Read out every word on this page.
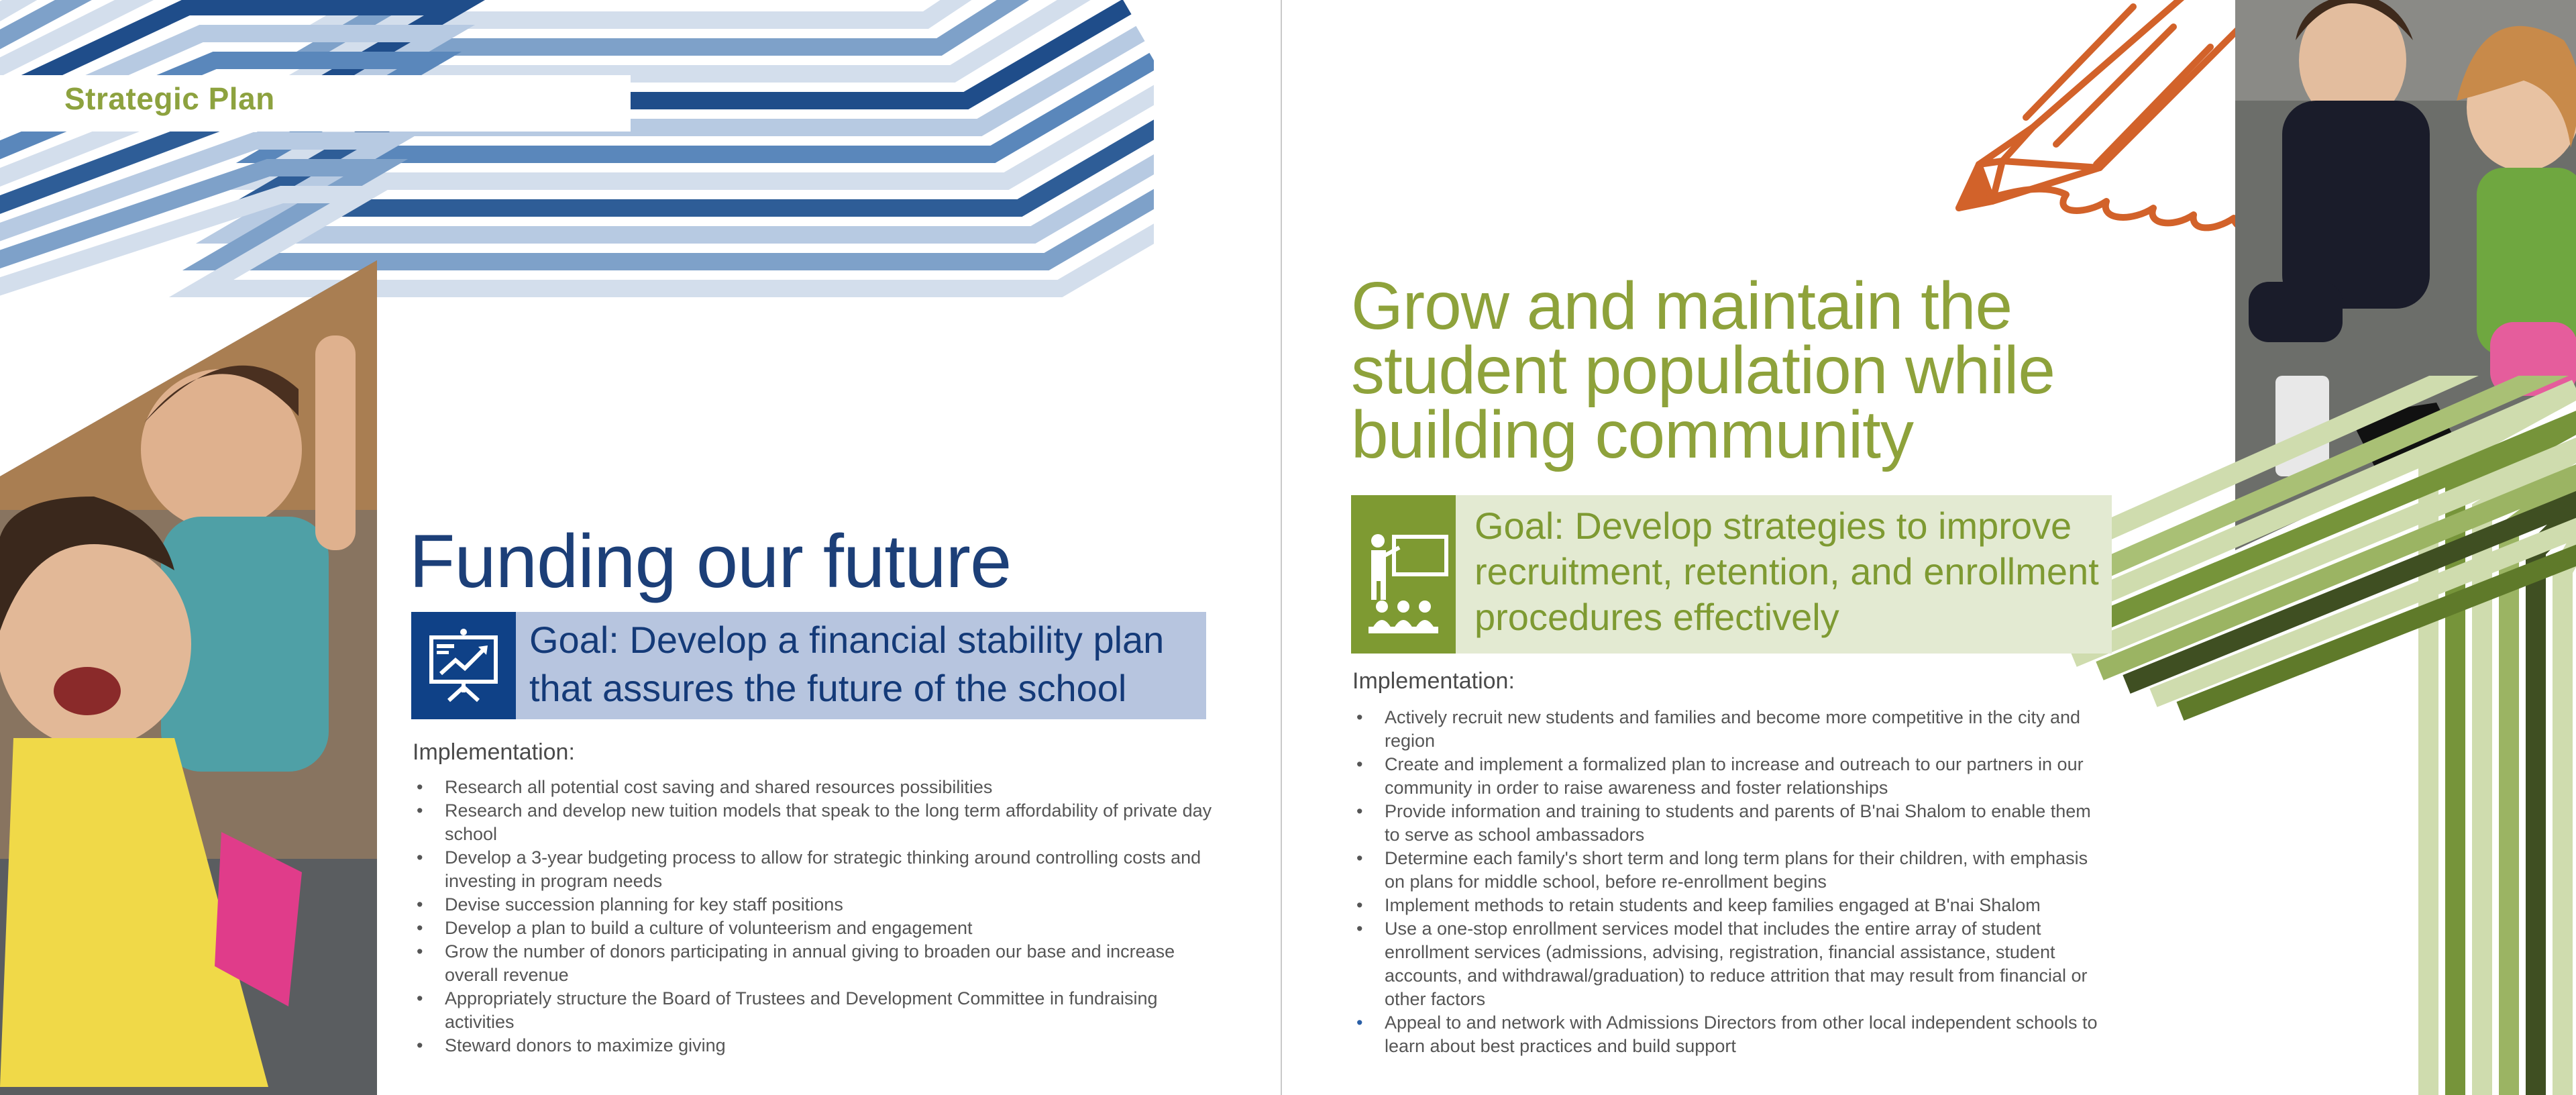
Strategic Plan
Funding our future
Goal: Develop a financial stability plan that assures the future of the school
Implementation:
• Research all potential cost saving and shared resources possibilities
• Research and develop new tuition models that speak to the long term affordability of private day school
• Develop a 3-year budgeting process to allow for strategic thinking around controlling costs and investing in program needs
• Devise succession planning for key staff positions
• Develop a plan to build a culture of volunteerism and engagement
• Grow the number of donors participating in annual giving to broaden our base and increase overall revenue
• Appropriately structure the Board of Trustees and Development Committee in fundraising activities
• Steward donors to maximize giving
Grow and maintain the student population while building community
Goal: Develop strategies to improve recruitment, retention, and enrollment procedures effectively
Implementation:
• Actively recruit new students and families and become more competitive in the city and region
• Create and implement a formalized plan to increase and outreach to our partners in our community in order to raise awareness and foster relationships
• Provide information and training to students and parents of B'nai Shalom to enable them to serve as school ambassadors
• Determine each family's short term and long term plans for their children, with emphasis on plans for middle school, before re-enrollment begins
• Implement methods to retain students and keep families engaged at B'nai Shalom
• Use a one-stop enrollment services model that includes the entire array of student enrollment services (admissions, advising, registration, financial assistance, student accounts, and withdrawal/graduation) to reduce attrition that may result from financial or other factors
• Appeal to and network with Admissions Directors from other local independent schools to learn about best practices and build support
